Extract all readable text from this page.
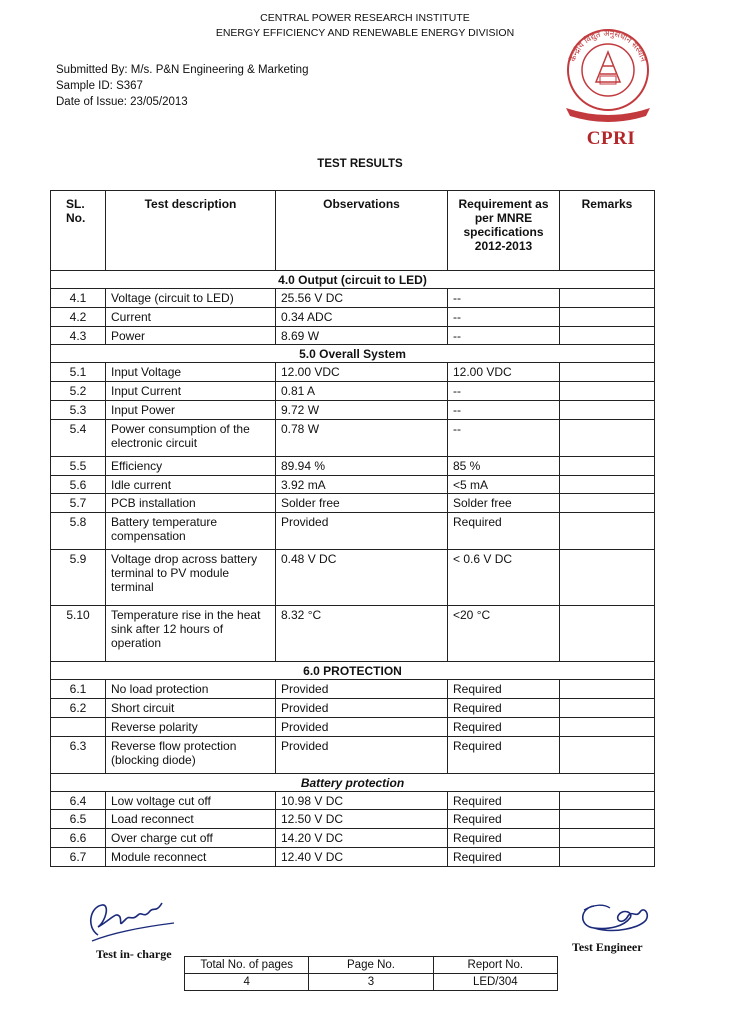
CENTRAL POWER RESEARCH INSTITUTE
ENERGY EFFICIENCY AND RENEWABLE ENERGY DIVISION
Submitted By: M/s. P&N Engineering & Marketing
Sample ID: S367
Date of Issue: 23/05/2013
केन्द्रीय विद्युत अनुसंधान संस्थान
CPRI
TEST RESULTS
SL. No.	Test description	Observations	Requirement as per MNRE specifications 2012-2013	Remarks
4.0 Output (circuit to LED)				
4.1	Voltage (circuit to LED)	25.56 V DC	--	
4.2	Current	0.34 ADC	--	
4.3	Power	8.69 W	--	
5.0 Overall System				
5.1	Input Voltage	12.00 VDC	12.00 VDC	
5.2	Input Current	0.81 A	--	
5.3	Input Power	9.72 W	--	
5.4	Power consumption of the electronic circuit	0.78 W	--	
5.5	Efficiency	89.94 %	85 %	
5.6	Idle current	3.92 mA	<5 mA	
5.7	PCB installation	Solder free	Solder free	
5.8	Battery temperature compensation	Provided	Required	
5.9	Voltage drop across battery terminal to PV module terminal	0.48 V DC	< 0.6 V DC	
5.10	Temperature rise in the heat sink after 12 hours of operation	8.32 °C	<20 °C	
6.0 PROTECTION				
6.1	No load protection	Provided	Required	
6.2	Short circuit	Provided	Required	
	Reverse polarity	Provided	Required	
6.3	Reverse flow protection (blocking diode)	Provided	Required	
Battery protection				
6.4	Low voltage cut off	10.98 V DC	Required	
6.5	Load reconnect	12.50 V DC	Required	
6.6	Over charge cut off	14.20 V DC	Required	
6.7	Module reconnect	12.40 V DC	Required	
Test in- charge	Test Engineer
Total No. of pages	Page No.	Report No.
4	3	LED/304
